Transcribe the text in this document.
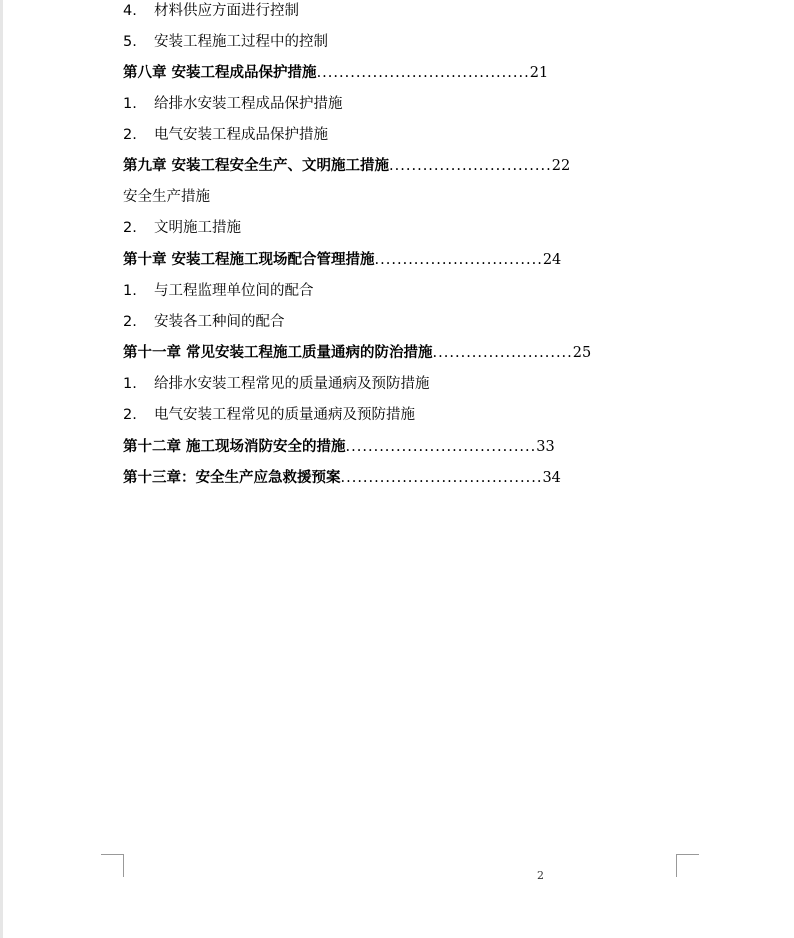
4. 材料供应方面进行控制
5. 安装工程施工过程中的控制
第八章 安装工程成品保护措施......................................21
1. 给排水安装工程成品保护措施
2. 电气安装工程成品保护措施
第九章 安装工程安全生产、文明施工措施.............................22
安全生产措施
2. 文明施工措施
第十章 安装工程施工现场配合管理措施..............................24
1. 与工程监理单位间的配合
2. 安装各工种间的配合
第十一章 常见安装工程施工质量通病的防治措施.........................25
1. 给排水安装工程常见的质量通病及预防措施
2. 电气安装工程常见的质量通病及预防措施
第十二章 施工现场消防安全的措施..................................33
第十三章：安全生产应急救援预案....................................34
2
